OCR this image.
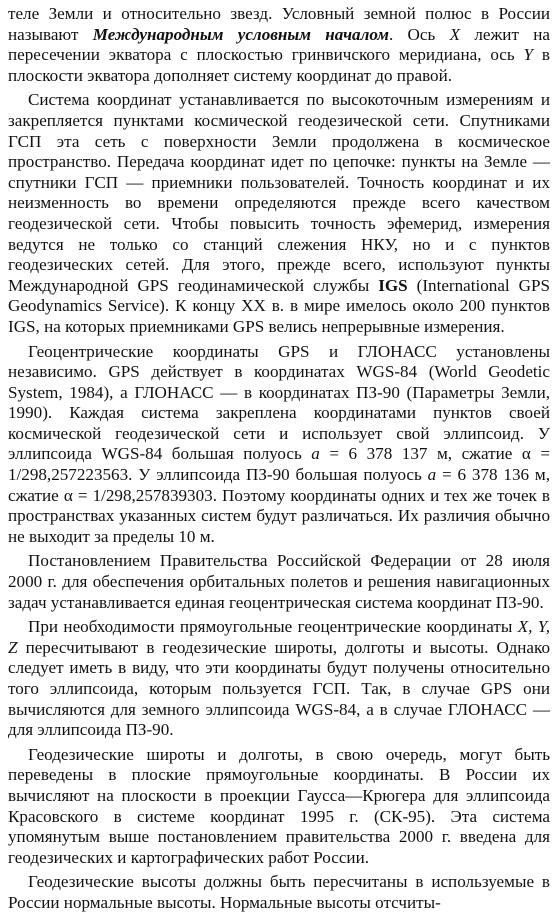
теле Земли и относительно звезд. Условный земной полюс в России называют Международным условным началом. Ось X лежит на пересечении экватора с плоскостью гринвичского меридиана, ось Y в плоскости экватора дополняет систему координат до правой.

Система координат устанавливается по высокоточным измерениям и закрепляется пунктами космической геодезической сети. Спутниками ГСП эта сеть с поверхности Земли продолжена в космическое пространство. Передача координат идет по цепочке: пункты на Земле — спутники ГСП — приемники пользователей. Точность координат и их неизменность во времени определяются прежде всего качеством геодезической сети. Чтобы повысить точность эфемерид, измерения ведутся не только со станций слежения НКУ, но и с пунктов геодезических сетей. Для этого, прежде всего, используют пункты Международной GPS геодинамической службы IGS (International GPS Geodynamics Service). К концу XX в. в мире имелось около 200 пунктов IGS, на которых приемниками GPS велись непрерывные измерения.

Геоцентрические координаты GPS и ГЛОНАСС установлены независимо. GPS действует в координатах WGS-84 (World Geodetic System, 1984), а ГЛОНАСС — в координатах ПЗ-90 (Параметры Земли, 1990). Каждая система закреплена координатами пунктов своей космической геодезической сети и использует свой эллипсоид. У эллипсоида WGS-84 большая полуось a = 6 378 137 м, сжатие α = 1/298,257223563. У эллипсоида ПЗ-90 большая полуось a = 6 378 136 м, сжатие α = 1/298,257839303. Поэтому координаты одних и тех же точек в пространствах указанных систем будут различаться. Их различия обычно не выходит за пределы 10 м.

Постановлением Правительства Российской Федерации от 28 июля 2000 г. для обеспечения орбитальных полетов и решения навигационных задач устанавливается единая геоцентрическая система координат ПЗ-90.

При необходимости прямоугольные геоцентрические координаты X, Y, Z пересчитывают в геодезические широты, долготы и высоты. Однако следует иметь в виду, что эти координаты будут получены относительно того эллипсоида, которым пользуется ГСП. Так, в случае GPS они вычисляются для земного эллипсоида WGS-84, а в случае ГЛОНАСС — для эллипсоида ПЗ-90.

Геодезические широты и долготы, в свою очередь, могут быть переведены в плоские прямоугольные координаты. В России их вычисляют на плоскости в проекции Гаусса—Крюгера для эллипсоида Красовского в системе координат 1995 г. (СК-95). Эта система упомянутым выше постановлением правительства 2000 г. введена для геодезических и картографических работ России.

Геодезические высоты должны быть пересчитаны в используемые в России нормальные высоты. Нормальные высоты отсчиты-
